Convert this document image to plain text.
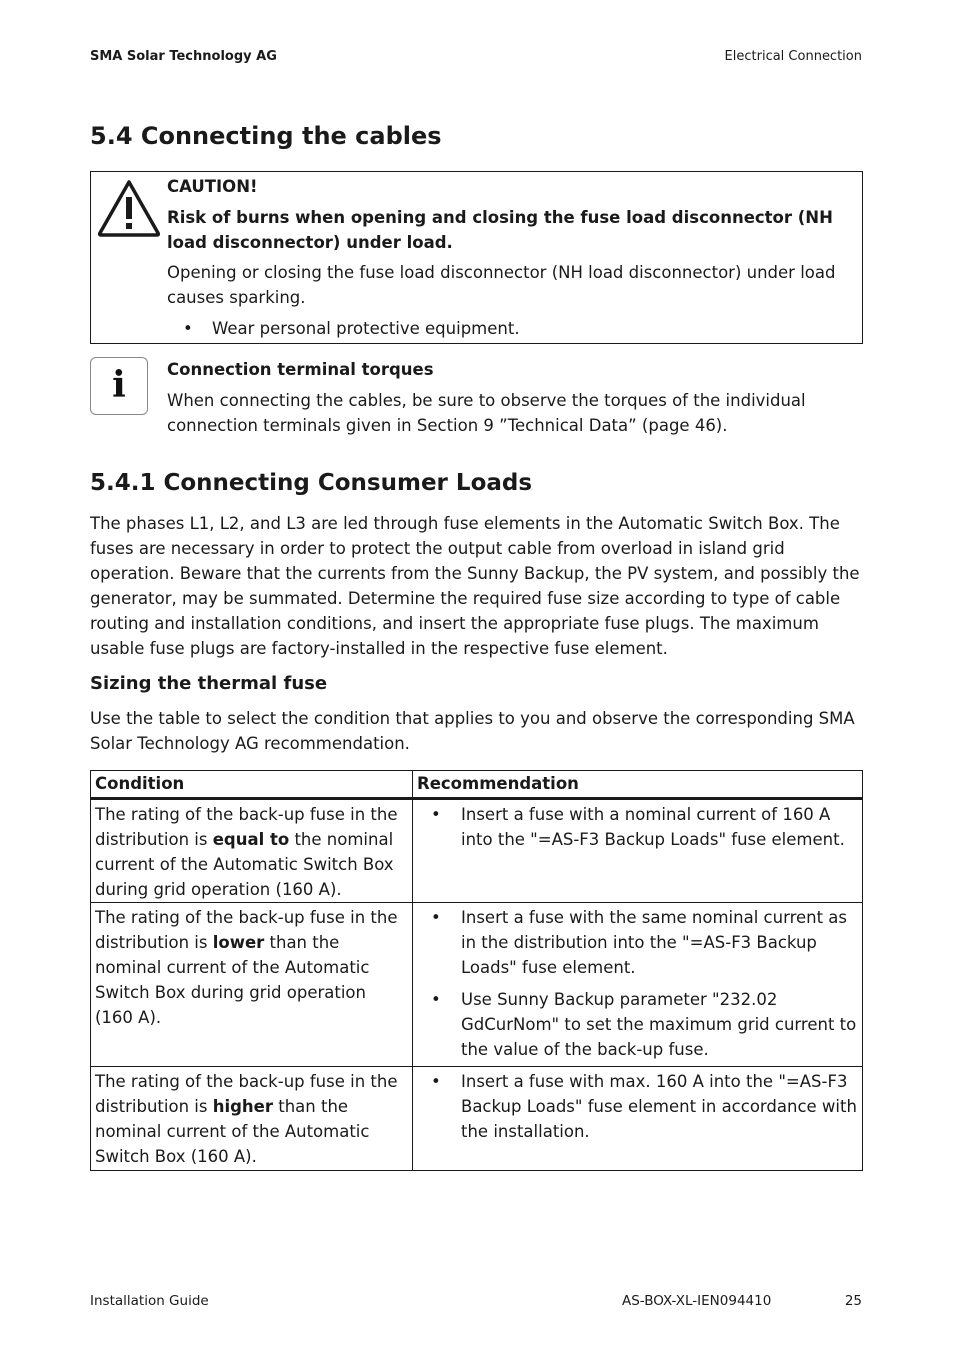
SMA Solar Technology AG	Electrical Connection
5.4 Connecting the cables
CAUTION!
Risk of burns when opening and closing the fuse load disconnector (NH load disconnector) under load.
Opening or closing the fuse load disconnector (NH load disconnector) under load causes sparking.
• Wear personal protective equipment.
i	Connection terminal torques
When connecting the cables, be sure to observe the torques of the individual connection terminals given in Section 9 ”Technical Data” (page 46).
5.4.1 Connecting Consumer Loads
The phases L1, L2, and L3 are led through fuse elements in the Automatic Switch Box. The fuses are necessary in order to protect the output cable from overload in island grid operation. Beware that the currents from the Sunny Backup, the PV system, and possibly the generator, may be summated. Determine the required fuse size according to type of cable routing and installation conditions, and insert the appropriate fuse plugs. The maximum usable fuse plugs are factory-installed in the respective fuse element.
Sizing the thermal fuse
Use the table to select the condition that applies to you and observe the corresponding SMA Solar Technology AG recommendation.
Condition	Recommendation
The rating of the back-up fuse in the distribution is equal to the nominal current of the Automatic Switch Box during grid operation (160 A).	• Insert a fuse with a nominal current of 160 A into the "=AS-F3 Backup Loads" fuse element.

The rating of the back-up fuse in the distribution is lower than the nominal current of the Automatic Switch Box during grid operation (160 A).	• Insert a fuse with the same nominal current as in the distribution into the "=AS-F3 Backup Loads" fuse element.
• Use Sunny Backup parameter "232.02 GdCurNom" to set the maximum grid current to the value of the back-up fuse.

The rating of the back-up fuse in the distribution is higher than the nominal current of the Automatic Switch Box (160 A).	• Insert a fuse with max. 160 A into the "=AS-F3 Backup Loads" fuse element in accordance with the installation.
Installation Guide	AS-BOX-XL-IEN094410	25
